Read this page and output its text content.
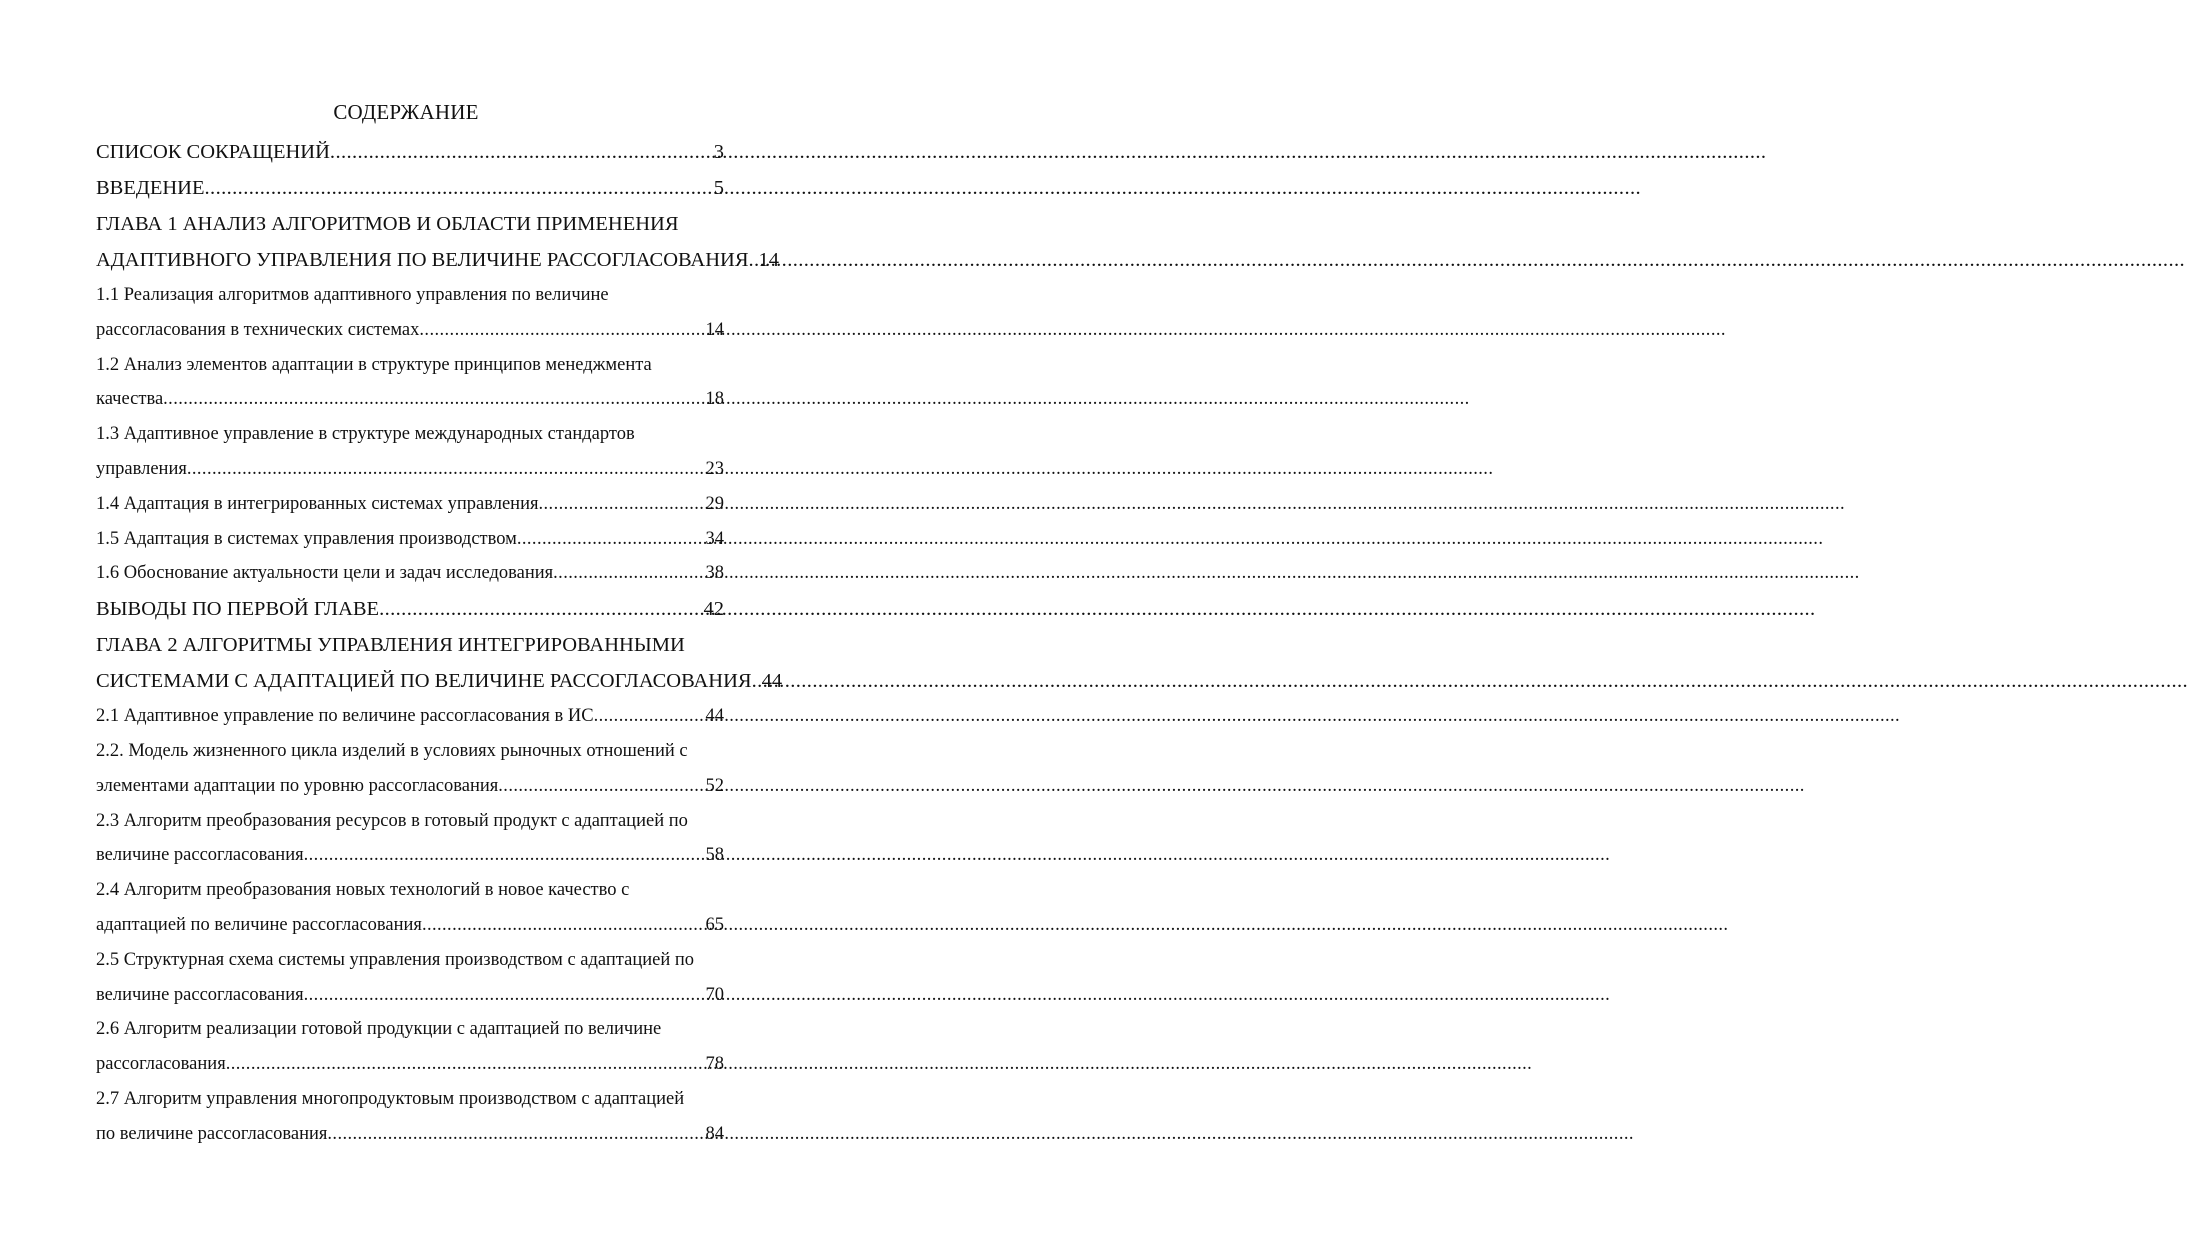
СОДЕРЖАНИЕ
СПИСОК СОКРАЩЕНИЙ .....	3
ВВЕДЕНИЕ .....	5
ГЛАВА 1 АНАЛИЗ АЛГОРИТМОВ И ОБЛАСТИ ПРИМЕНЕНИЯ
АДАПТИВНОГО УПРАВЛЕНИЯ ПО ВЕЛИЧИНЕ РАССОГЛАСОВАНИЯ ..... 14
1.1 Реализация алгоритмов адаптивного управления по величине
рассогласования в технических системах .....	14
1.2 Анализ элементов адаптации в структуре принципов менеджмента
качества .....	18
1.3 Адаптивное управление в структуре международных стандартов
управления .....	23
1.4 Адаптация в интегрированных системах управления .....	29
1.5 Адаптация в системах управления производством .....	34
1.6 Обоснование актуальности цели и задач исследования .....	38
ВЫВОДЫ ПО ПЕРВОЙ ГЛАВЕ .....	42
ГЛАВА 2 АЛГОРИТМЫ УПРАВЛЕНИЯ ИНТЕГРИРОВАННЫМИ
СИСТЕМАМИ С АДАПТАЦИЕЙ ПО ВЕЛИЧИНЕ РАССОГЛАСОВАНИЯ ..... 44
2.1 Адаптивное управление по величине рассогласования в ИС .....	44
2.2. Модель жизненного цикла изделий в условиях рыночных отношений с
элементами адаптации по уровню рассогласования .....	52
2.3 Алгоритм преобразования ресурсов в готовый продукт с адаптацией по
величине рассогласования .....	58
2.4 Алгоритм преобразования новых технологий в новое качество с
адаптацией по величине рассогласования .....	65
2.5 Структурная схема системы управления производством с адаптацией по
величине рассогласования .....	70
2.6 Алгоритм реализации готовой продукции с адаптацией по величине
рассогласования .....	78
2.7 Алгоритм управления многопродуктовым производством с адаптацией
по величине рассогласования .....	84
